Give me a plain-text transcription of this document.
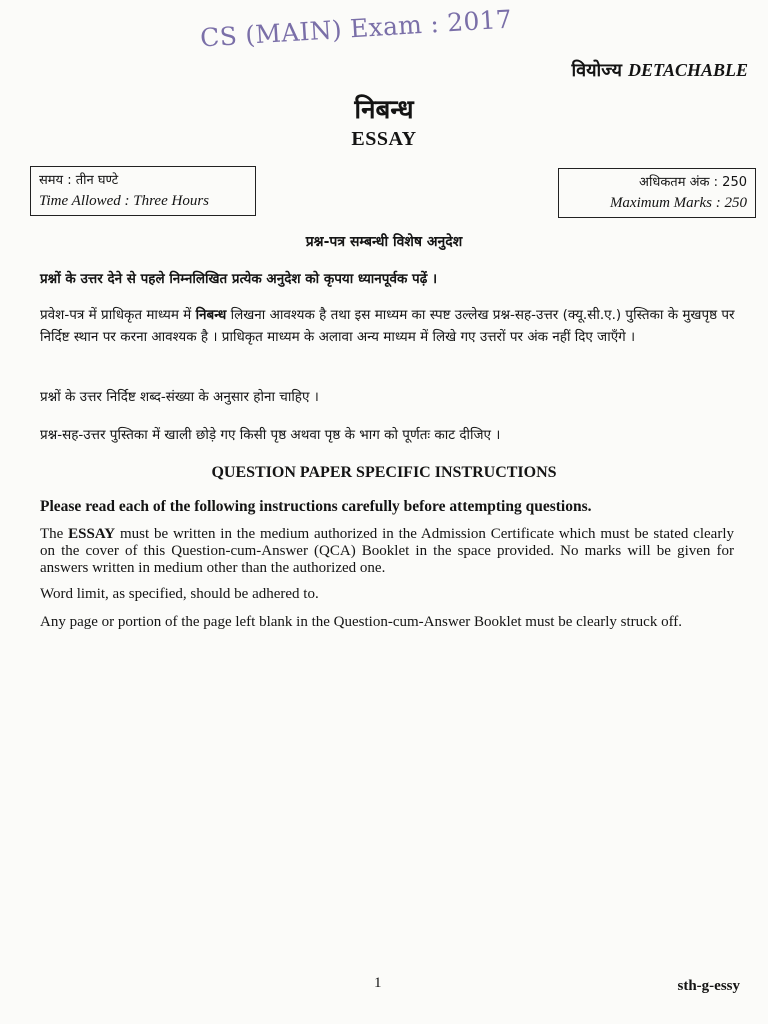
CS (MAIN) Exam : 2017
वियोज्य DETACHABLE
निबन्ध
ESSAY
समय : तीन घण्टे
Time Allowed : Three Hours
अधिकतम अंक : 250
Maximum Marks : 250
प्रश्न-पत्र सम्बन्धी विशेष अनुदेश

प्रश्नों के उत्तर देने से पहले निम्नलिखित प्रत्येक अनुदेश को कृपया ध्यानपूर्वक पढ़ें ।

प्रवेश-पत्र में प्राधिकृत माध्यम में निबन्ध लिखना आवश्यक है तथा इस माध्यम का स्पष्ट उल्लेख प्रश्न-सह-उत्तर (क्यू.सी.ए.) पुस्तिका के मुखपृष्ठ पर निर्दिष्ट स्थान पर करना आवश्यक है । प्राधिकृत माध्यम के अलावा अन्य माध्यम में लिखे गए उत्तरों पर अंक नहीं दिए जाएँगे ।

प्रश्नों के उत्तर निर्दिष्ट शब्द-संख्या के अनुसार होना चाहिए ।

प्रश्न-सह-उत्तर पुस्तिका में खाली छोड़े गए किसी पृष्ठ अथवा पृष्ठ के भाग को पूर्णतः काट दीजिए ।

QUESTION PAPER SPECIFIC INSTRUCTIONS

Please read each of the following instructions carefully before attempting questions.

The ESSAY must be written in the medium authorized in the Admission Certificate which must be stated clearly on the cover of this Question-cum-Answer (QCA) Booklet in the space provided. No marks will be given for answers written in medium other than the authorized one.

Word limit, as specified, should be adhered to.

Any page or portion of the page left blank in the Question-cum-Answer Booklet must be clearly struck off.

1	sth-g-essy
